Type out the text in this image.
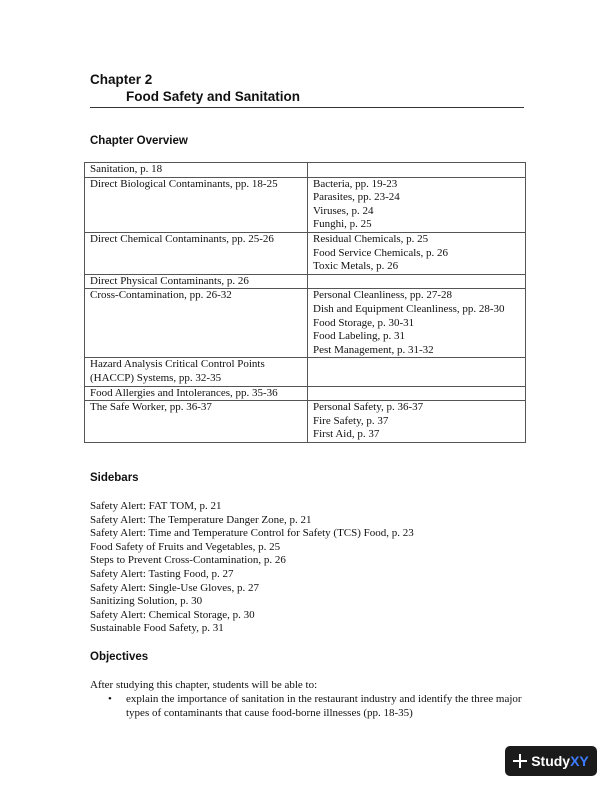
Chapter 2
Food Safety and Sanitation
Chapter Overview
Sanitation, p. 18	

Direct Biological Contaminants, pp. 18-25	Bacteria, pp. 19-23
Parasites, pp. 23-24
Viruses, p. 24
Funghi, p. 25

Direct Chemical Contaminants, pp. 25-26	Residual Chemicals, p. 25
Food Service Chemicals, p. 26
Toxic Metals, p. 26

Direct Physical Contaminants, p. 26	

Cross-Contamination, pp. 26-32	Personal Cleanliness, pp. 27-28
Dish and Equipment Cleanliness, pp. 28-30
Food Storage, p. 30-31
Food Labeling, p. 31
Pest Management, p. 31-32

Hazard Analysis Critical Control Points
(HACCP) Systems, pp. 32-35	

Food Allergies and Intolerances, pp. 35-36	

The Safe Worker, pp. 36-37	Personal Safety, p. 36-37
Fire Safety, p. 37
First Aid, p. 37
Sidebars
Safety Alert: FAT TOM, p. 21
Safety Alert: The Temperature Danger Zone, p. 21
Safety Alert: Time and Temperature Control for Safety (TCS) Food, p. 23
Food Safety of Fruits and Vegetables, p. 25
Steps to Prevent Cross-Contamination, p. 26
Safety Alert: Tasting Food, p. 27
Safety Alert: Single-Use Gloves, p. 27
Sanitizing Solution, p. 30
Safety Alert: Chemical Storage, p. 30
Sustainable Food Safety, p. 31
Objectives
After studying this chapter, students will be able to:
• explain the importance of sanitation in the restaurant industry and identify the three major types of contaminants that cause food-borne illnesses (pp. 18-35)
Study XY
